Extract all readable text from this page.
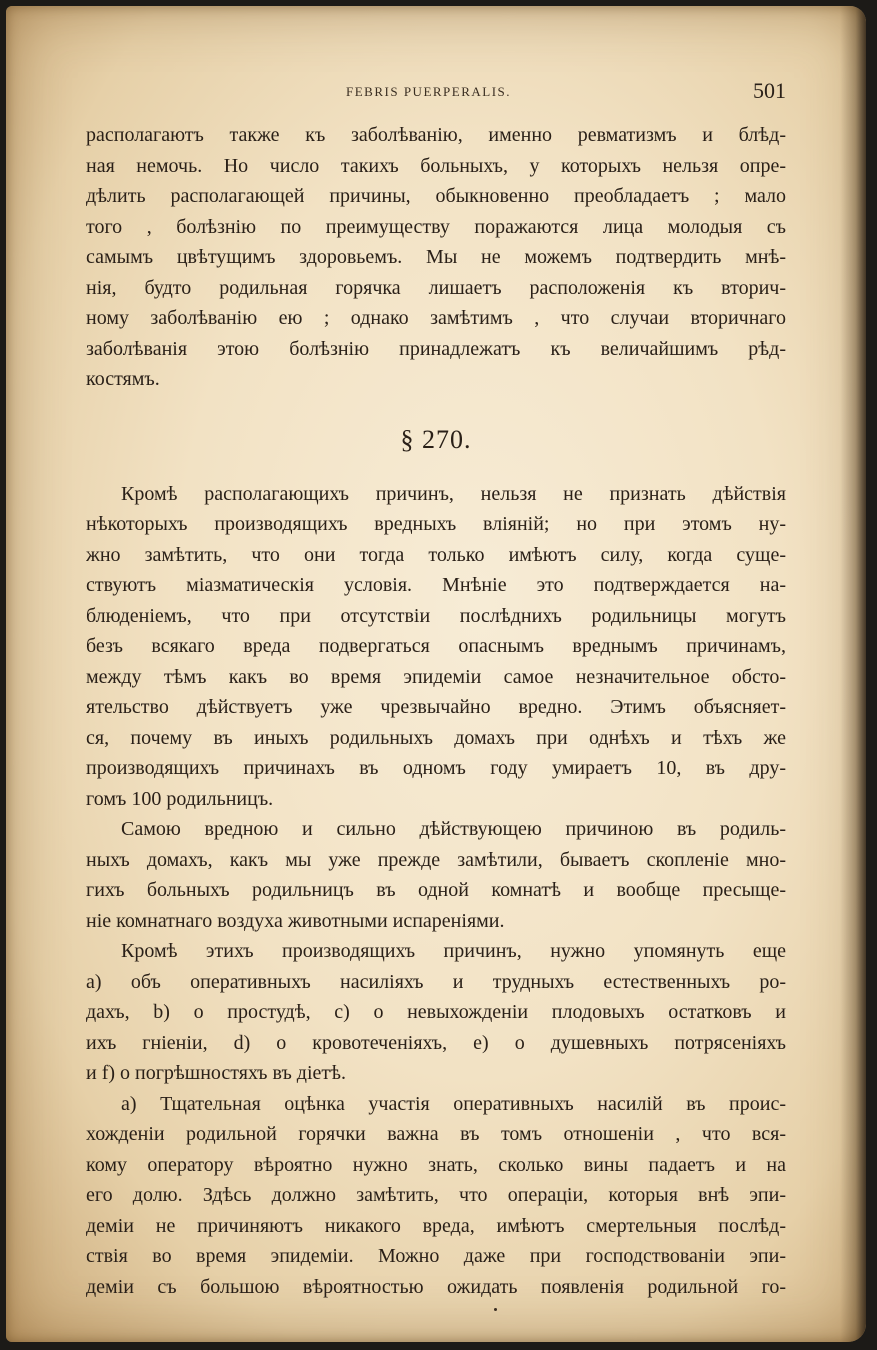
FEBRIS PUERPERALIS.	501
располагаютъ также къ заболѣванію, именно ревматизмъ и блѣд-
ная немочь. Но число такихъ больныхъ, у которыхъ нельзя опре-
дѣлить располагающей причины, обыкновенно преобладаетъ ; мало
того , болѣзнію по преимуществу поражаются лица молодыя съ
самымъ цвѣтущимъ здоровьемъ. Мы не можемъ подтвердить мнѣ-
нія, будто родильная горячка лишаетъ расположенія къ вторич-
ному заболѣванію ею ; однако замѣтимъ , что случаи вторичнаго
заболѣванія этою болѣзнію принадлежатъ къ величайшимъ рѣд-
костямъ.
§ 270.
Кромѣ располагающихъ причинъ, нельзя не признать дѣйствія
нѣкоторыхъ производящихъ вредныхъ вліяній; но при этомъ ну-
жно замѣтить, что они тогда только имѣютъ силу, когда суще-
ствуютъ міазматическія условія. Мнѣніе это подтверждается на-
блюденіемъ, что при отсутствіи послѣднихъ родильницы могутъ
безъ всякаго вреда подвергаться опаснымъ вреднымъ причинамъ,
между тѣмъ какъ во время эпидеміи самое незначительное обсто-
ятельство дѣйствуетъ уже чрезвычайно вредно. Этимъ объясняет-
ся, почему въ иныхъ родильныхъ домахъ при однѣхъ и тѣхъ же
производящихъ причинахъ въ одномъ году умираетъ 10, въ дру-
гомъ 100 родильницъ.
Самою вредною и сильно дѣйствующею причиною въ родиль-
ныхъ домахъ, какъ мы уже прежде замѣтили, бываетъ скопленіе мно-
гихъ больныхъ родильницъ въ одной комнатѣ и вообще пресыще-
ніе комнатнаго воздуха животными испареніями.
Кромѣ этихъ производящихъ причинъ, нужно упомянуть еще
a) объ оперативныхъ насиліяхъ и трудныхъ естественныхъ ро-
дахъ, b) о простудѣ, c) о невыхожденіи плодовыхъ остатковъ и
ихъ гніеніи, d) о кровотеченіяхъ, e) о душевныхъ потрясеніяхъ
и f) о погрѣшностяхъ въ діетѣ.
a) Тщательная оцѣнка участія оперативныхъ насилій въ проис-
хожденіи родильной горячки важна въ томъ отношеніи , что вся-
кому оператору вѣроятно нужно знать, сколько вины падаетъ и на
его долю. Здѣсь должно замѣтить, что операціи, которыя внѣ эпи-
деміи не причиняютъ никакого вреда, имѣютъ смертельныя послѣд-
ствія во время эпидеміи. Можно даже при господствованіи эпи-
деміи съ большою вѣроятностью ожидать появленія родильной го-
